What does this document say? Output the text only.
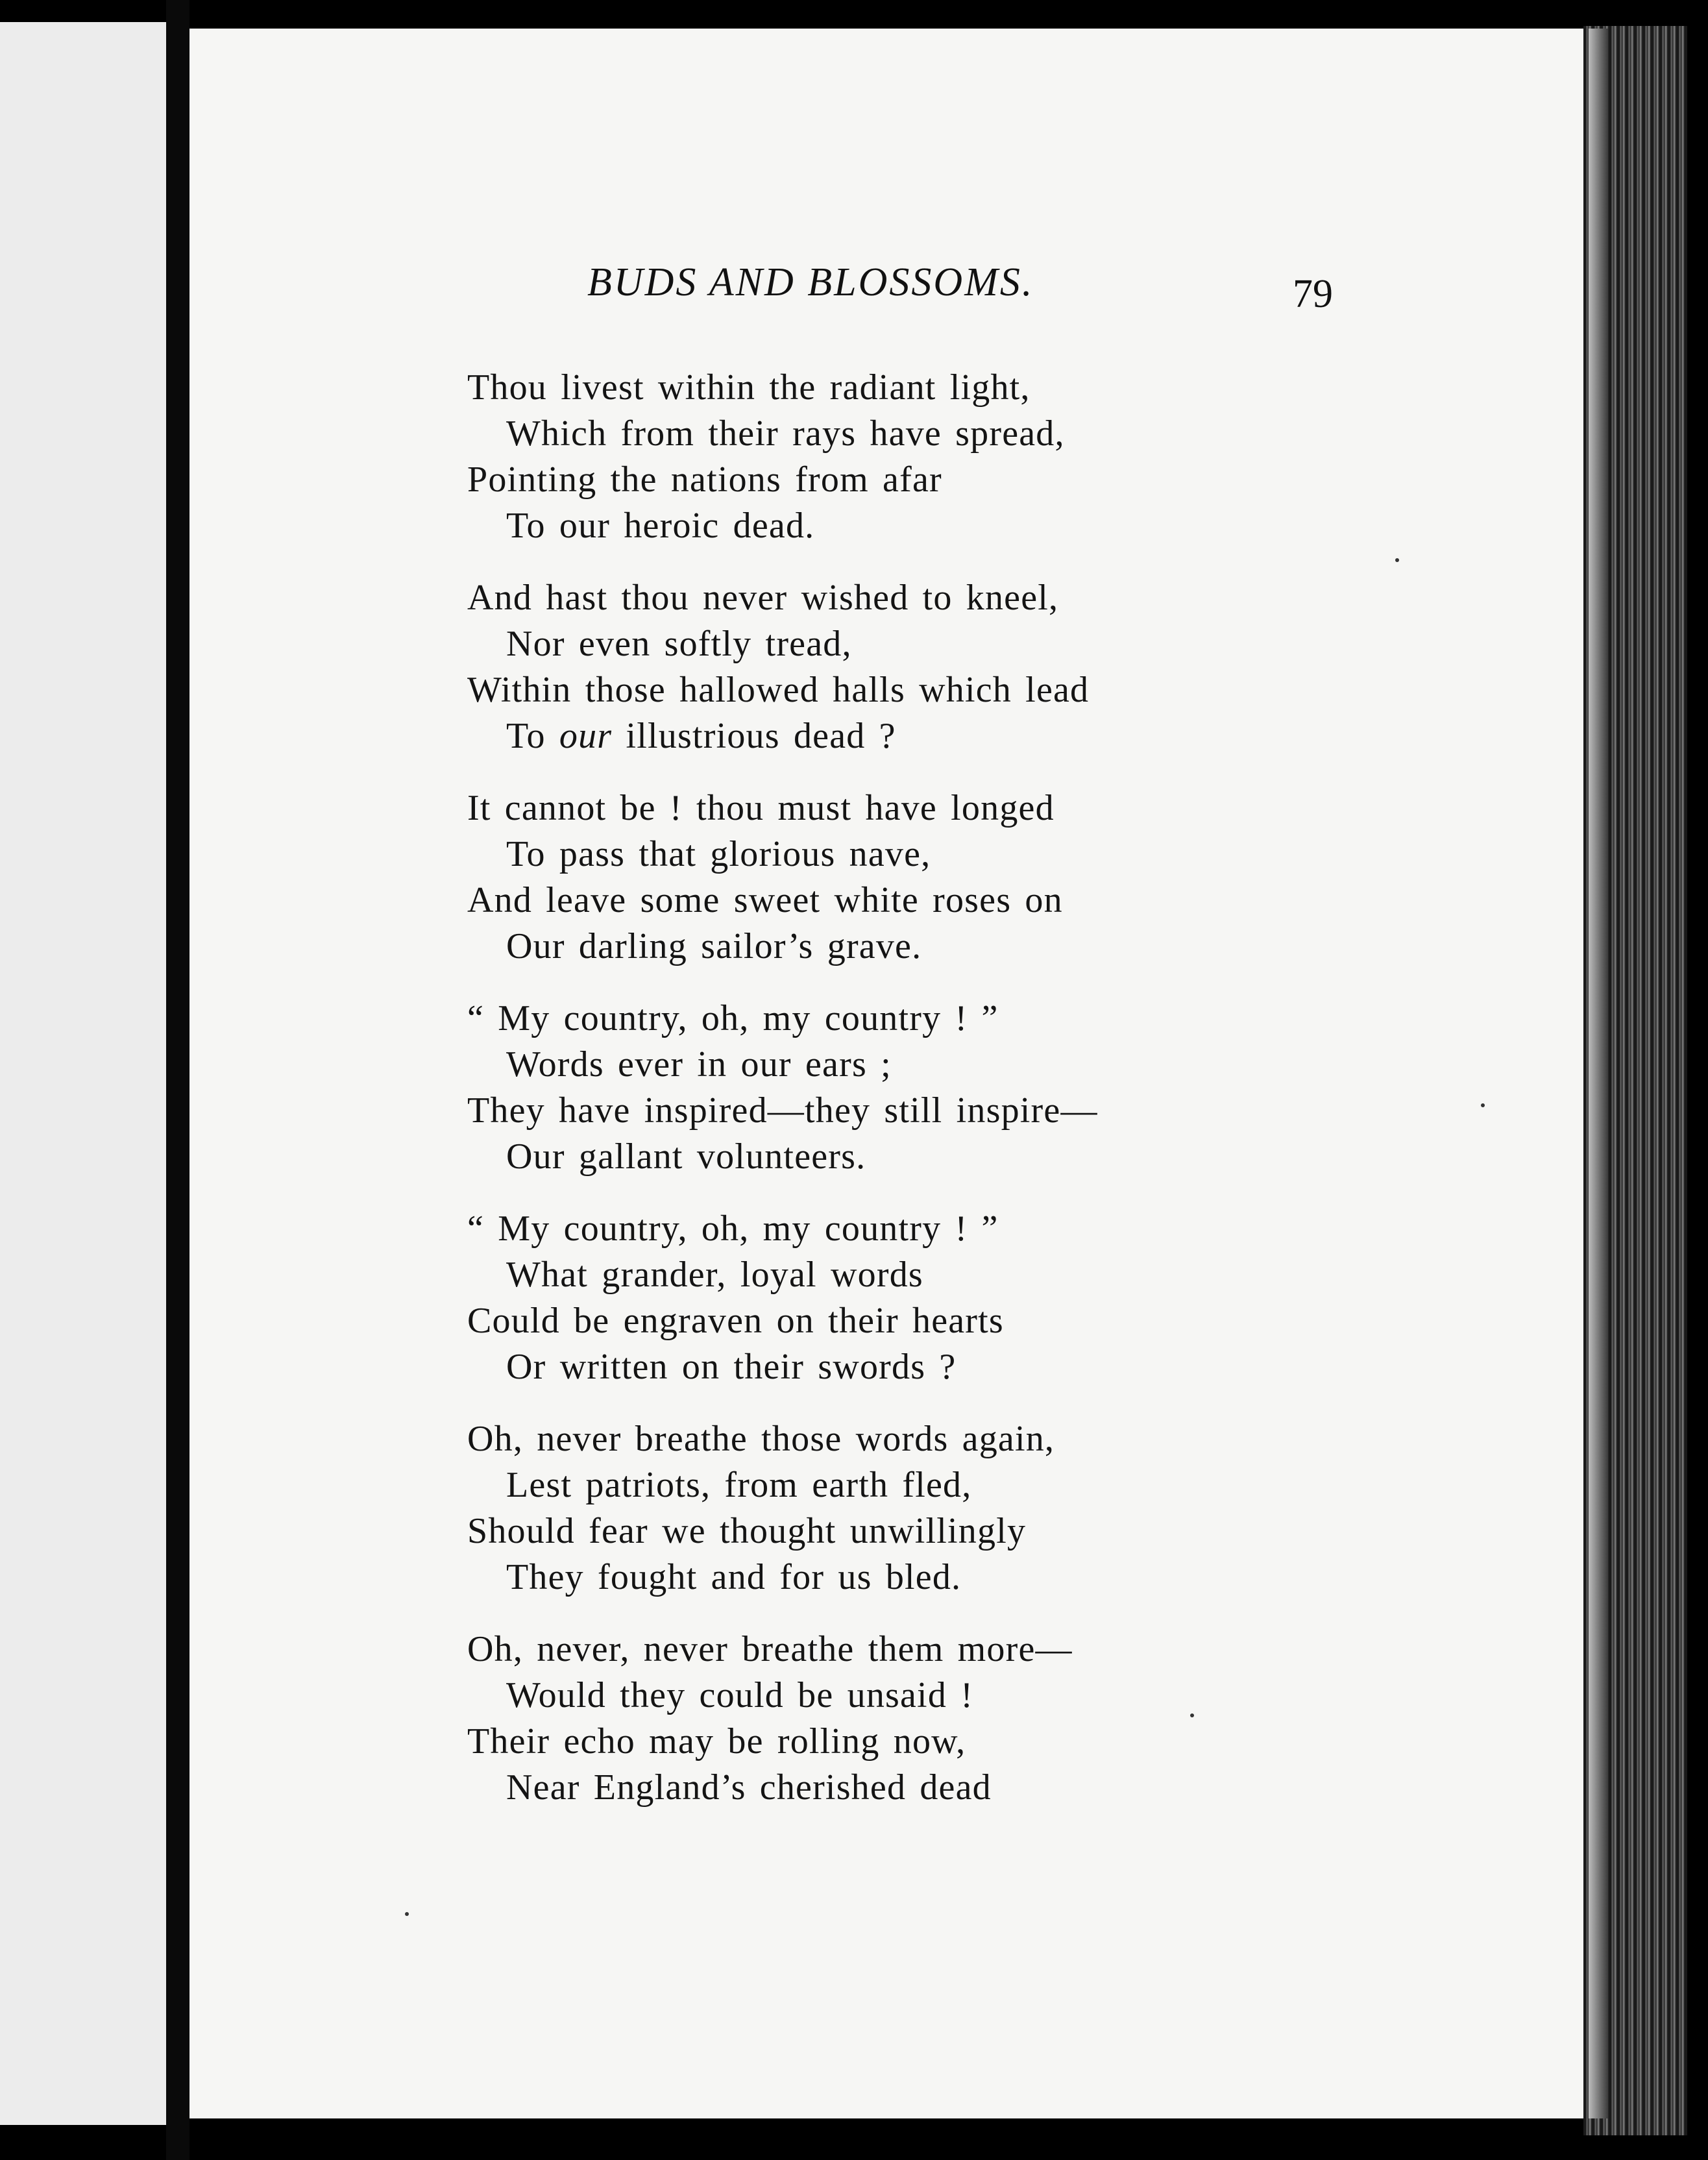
BUDS AND BLOSSOMS.	79
Thou livest within the radiant light,
Which from their rays have spread,
Pointing the nations from afar
To our heroic dead.
And hast thou never wished to kneel,
Nor even softly tread,
Within those hallowed halls which lead
To our illustrious dead ?
It cannot be ! thou must have longed
To pass that glorious nave,
And leave some sweet white roses on
Our darling sailor’s grave.
“ My country, oh, my country ! ”
Words ever in our ears ;
They have inspired—they still inspire—
Our gallant volunteers.
“ My country, oh, my country ! ”
What grander, loyal words
Could be engraven on their hearts
Or written on their swords ?
Oh, never breathe those words again,
Lest patriots, from earth fled,
Should fear we thought unwillingly
They fought and for us bled.
Oh, never, never breathe them more—
Would they could be unsaid !
Their echo may be rolling now,
Near England’s cherished dead
